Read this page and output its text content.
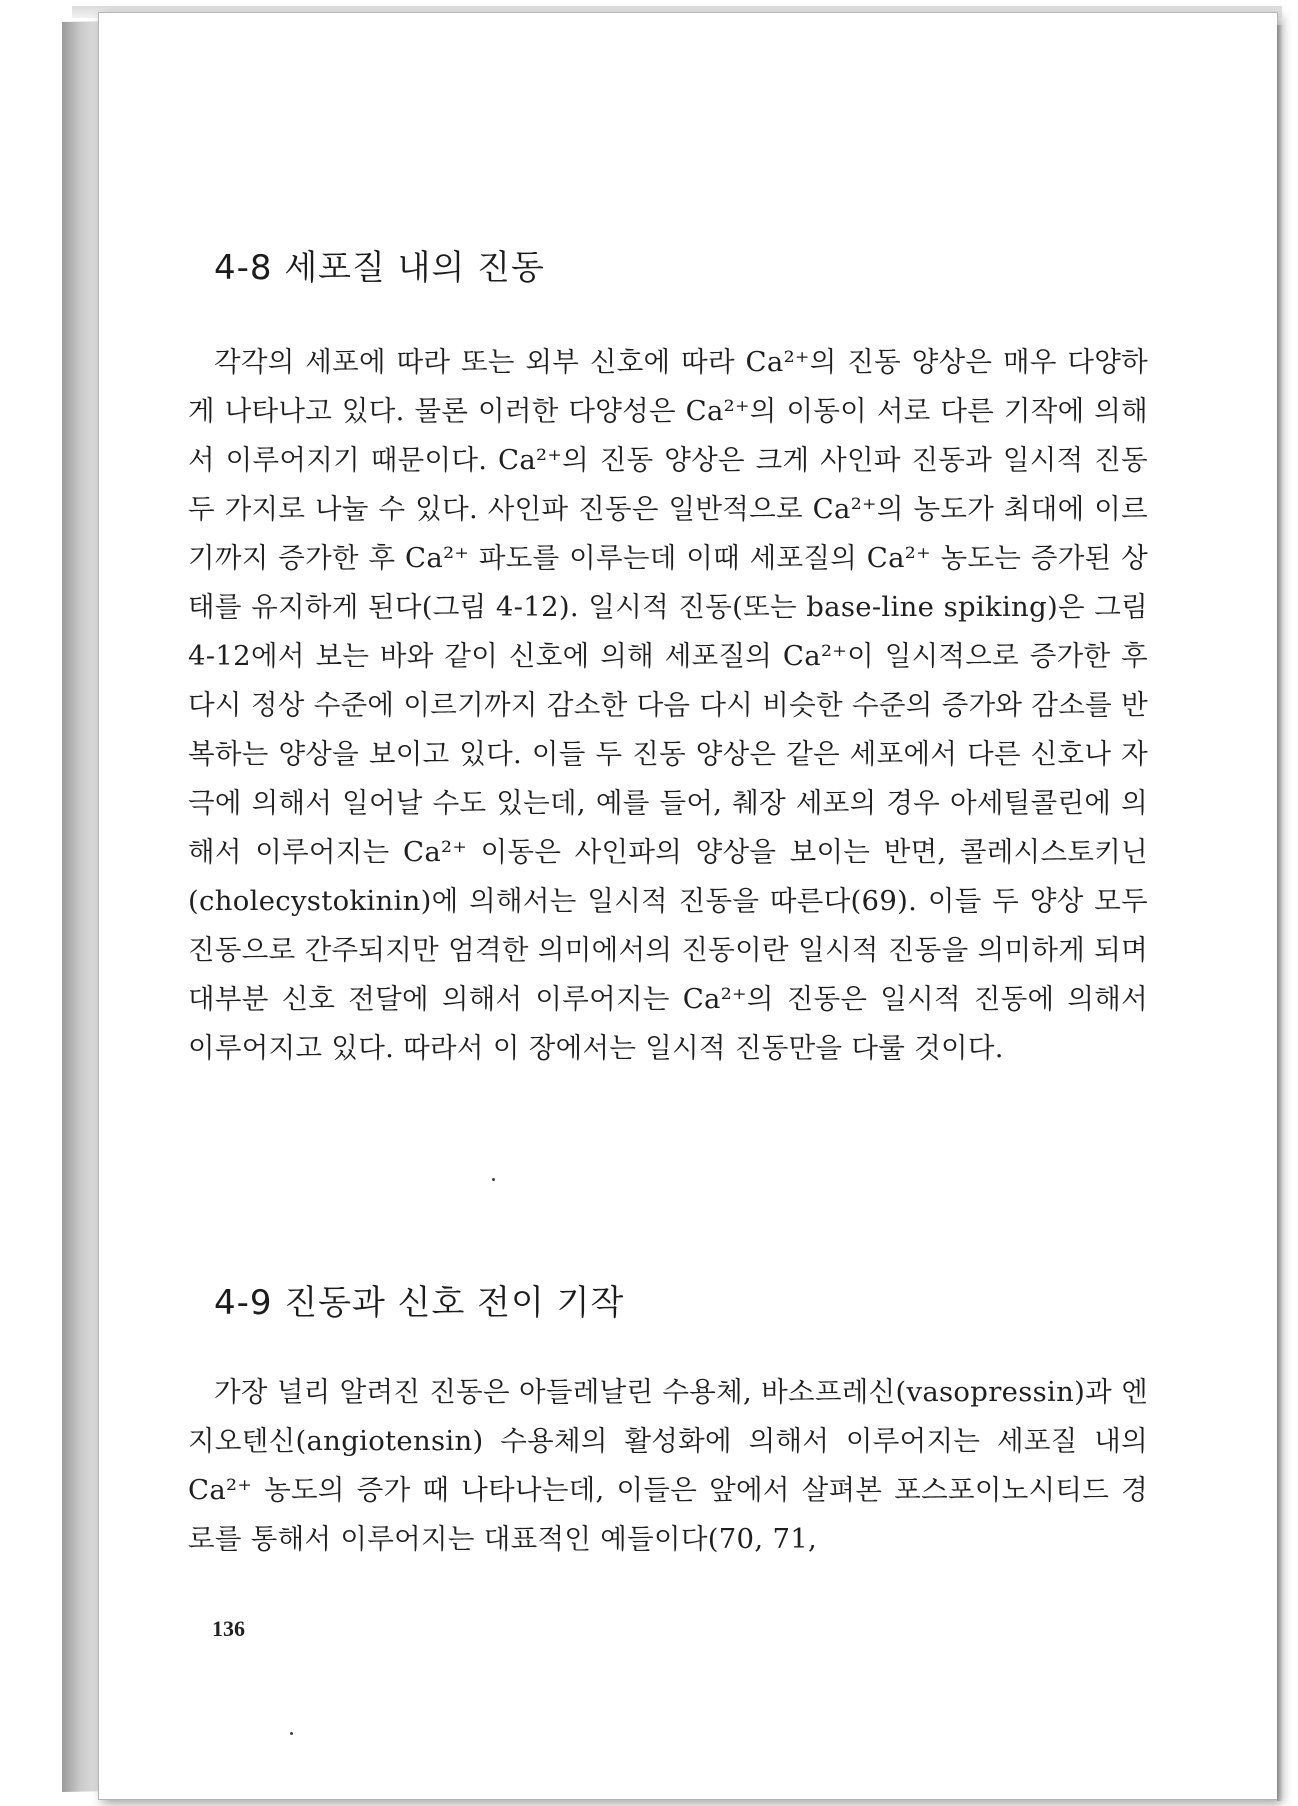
4-8 세포질 내의 진동

각각의 세포에 따라 또는 외부 신호에 따라 Ca²⁺의 진동 양상은 매우 다양하게 나타나고 있다. 물론 이러한 다양성은 Ca²⁺의 이동이 서로 다른 기작에 의해서 이루어지기 때문이다. Ca²⁺의 진동 양상은 크게 사인파 진동과 일시적 진동 두 가지로 나눌 수 있다. 사인파 진동은 일반적으로 Ca²⁺의 농도가 최대에 이르기까지 증가한 후 Ca²⁺ 파도를 이루는데 이때 세포질의 Ca²⁺ 농도는 증가된 상태를 유지하게 된다(그림 4-12). 일시적 진동(또는 base-line spiking)은 그림 4-12에서 보는 바와 같이 신호에 의해 세포질의 Ca²⁺이 일시적으로 증가한 후 다시 정상 수준에 이르기까지 감소한 다음 다시 비슷한 수준의 증가와 감소를 반복하는 양상을 보이고 있다. 이들 두 진동 양상은 같은 세포에서 다른 신호나 자극에 의해서 일어날 수도 있는데, 예를 들어, 췌장 세포의 경우 아세틸콜린에 의해서 이루어지는 Ca²⁺ 이동은 사인파의 양상을 보이는 반면, 콜레시스토키닌(cholecystokinin)에 의해서는 일시적 진동을 따른다(69). 이들 두 양상 모두 진동으로 간주되지만 엄격한 의미에서의 진동이란 일시적 진동을 의미하게 되며 대부분 신호 전달에 의해서 이루어지는 Ca²⁺의 진동은 일시적 진동에 의해서 이루어지고 있다. 따라서 이 장에서는 일시적 진동만을 다룰 것이다.

4-9 진동과 신호 전이 기작

가장 널리 알려진 진동은 아들레날린 수용체, 바소프레신(vasopressin)과 엔지오텐신(angiotensin) 수용체의 활성화에 의해서 이루어지는 세포질 내의 Ca²⁺ 농도의 증가 때 나타나는데, 이들은 앞에서 살펴본 포스포이노시티드 경로를 통해서 이루어지는 대표적인 예들이다(70, 71,

136
